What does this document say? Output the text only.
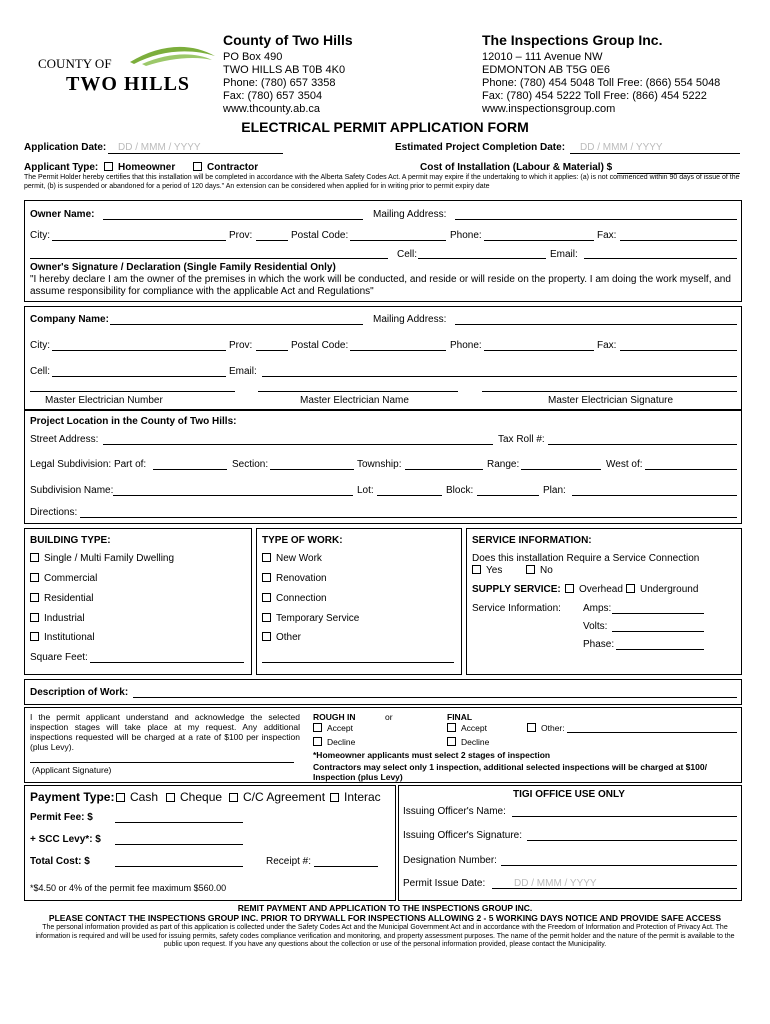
COUNTY OF
TWO HILLS
County of Two Hills
PO Box 490
TWO HILLS AB T0B 4K0
Phone: (780) 657 3358
Fax: (780) 657 3504
www.thcounty.ab.ca
The Inspections Group Inc.
12010 – 111 Avenue NW
EDMONTON AB T5G 0E6
Phone: (780) 454 5048 Toll Free: (866) 554 5048
Fax: (780) 454 5222 Toll Free: (866) 454 5222
www.inspectionsgroup.com
ELECTRICAL PERMIT APPLICATION FORM
Application Date: DD / MMM / YYYY	Estimated Project Completion Date: DD / MMM / YYYY
Applicant Type:	Homeowner	Contractor	Cost of Installation (Labour & Material) $
The Permit Holder hereby certifies that this installation will be completed in accordance with the Alberta Safety Codes Act. A permit may expire if the undertaking to which it applies: (a) is not commenced within 90 days of issue of the permit, (b) is suspended or abandoned for a period of 120 days." An extension can be considered when applied for in writing prior to permit expiry date
Owner Name:	Mailing Address:
City:	Prov:	Postal Code:	Phone:	Fax:
Cell:	Email:
Owner's Signature / Declaration (Single Family Residential Only)
"I hereby declare I am the owner of the premises in which the work will be conducted, and reside or will reside on the property. I am doing the work myself, and assume responsibility for compliance with the applicable Act and Regulations"
Company Name:	Mailing Address:
City:	Prov:	Postal Code:	Phone:	Fax:
Cell:	Email:
Master Electrician Number	Master Electrician Name	Master Electrician Signature
Project Location in the County of Two Hills:
Street Address:	Tax Roll #:
Legal Subdivision: Part of:	Section:	Township:	Range:	West of:
Subdivision Name:	Lot:	Block:	Plan:
Directions:
BUILDING TYPE:
Single / Multi Family Dwelling
Commercial
Residential
Industrial
Institutional
Square Feet:
TYPE OF WORK:
New Work
Renovation
Connection
Temporary Service
Other
SERVICE INFORMATION:
Does this installation Require a Service Connection
Yes	No
SUPPLY SERVICE:	Overhead	Underground
Service Information: Amps:
Volts:
Phase:
Description of Work:
I the permit applicant understand and acknowledge the selected inspection stages will take place at my request. Any additional inspections requested will be charged at a rate of $100 per inspection (plus Levy).
(Applicant Signature)
ROUGH IN	or	FINAL
Accept	Accept	Other:
Decline	Decline
*Homeowner applicants must select 2 stages of inspection
Contractors may select only 1 inspection, additional selected inspections will be charged at $100/ Inspection (plus Levy)
Payment Type:	Cash	Cheque	C/C Agreement	Interac
Permit Fee: $
+ SCC Levy*: $
Total Cost: $	Receipt #:
*$4.50 or 4% of the permit fee maximum $560.00
TIGI OFFICE USE ONLY
Issuing Officer's Name:
Issuing Officer's Signature:
Designation Number:
Permit Issue Date:	DD / MMM / YYYY
REMIT PAYMENT AND APPLICATION TO THE INSPECTIONS GROUP INC.
PLEASE CONTACT THE INSPECTIONS GROUP INC. PRIOR TO DRYWALL FOR INSPECTIONS ALLOWING 2 - 5 WORKING DAYS NOTICE AND PROVIDE SAFE ACCESS
The personal information provided as part of this application is collected under the Safety Codes Act and the Municipal Government Act and in accordance with the Freedom of Information and Protection of Privacy Act. The information is required and will be used for issuing permits, safety codes compliance verification and monitoring, and property assessment purposes. The name of the permit holder and the nature of the permit is available to the public upon request. If you have any questions about the collection or use of the personal information provided, please contact the Municipality.
